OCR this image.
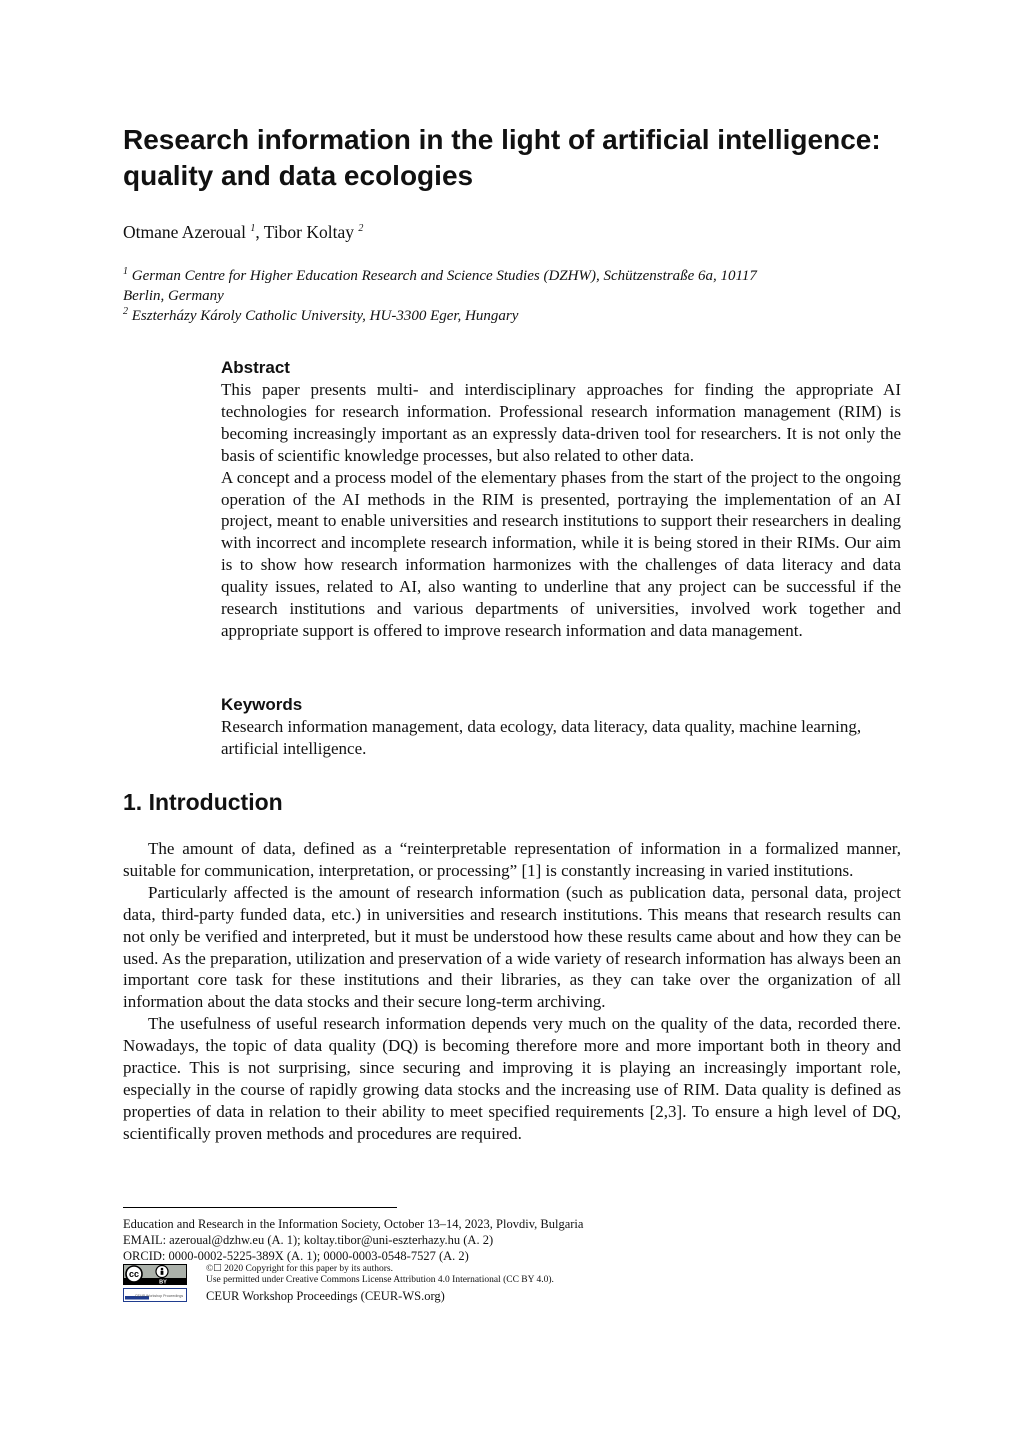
Research information in the light of artificial intelligence:
quality and data ecologies
Otmane Azeroual $^1$, Tibor Koltay $^2$
$^1$ German Centre for Higher Education Research and Science Studies (DZHW), Schützenstraße 6a, 10117
Berlin, Germany
$^2$ Eszterházy Károly Catholic University, HU-3300 Eger, Hungary
Abstract

This paper presents multi- and interdisciplinary approaches for finding the appropriate AI technologies for research information. Professional research information management (RIM) is becoming increasingly important as an expressly data-driven tool for researchers. It is not only the basis of scientific knowledge processes, but also related to other data.

A concept and a process model of the elementary phases from the start of the project to the ongoing operation of the AI methods in the RIM is presented, portraying the implementation of an AI project, meant to enable universities and research institutions to support their researchers in dealing with incorrect and incomplete research information, while it is being stored in their RIMs. Our aim is to show how research information harmonizes with the challenges of data literacy and data quality issues, related to AI, also wanting to underline that any project can be successful if the research institutions and various departments of universities, involved work together and appropriate support is offered to improve research information and data management.

Keywords

Research information management, data ecology, data literacy, data quality, machine learning, artificial intelligence.

1. Introduction

The amount of data, defined as a “reinterpretable representation of information in a formalized manner, suitable for communication, interpretation, or processing” [1] is constantly increasing in varied institutions.

Particularly affected is the amount of research information (such as publication data, personal data, project data, third-party funded data, etc.) in universities and research institutions. This means that research results can not only be verified and interpreted, but it must be understood how these results came about and how they can be used. As the preparation, utilization and preservation of a wide variety of research information has always been an important core task for these institutions and their libraries, as they can take over the organization of all information about the data stocks and their secure long-term archiving.

The usefulness of useful research information depends very much on the quality of the data, recorded there. Nowadays, the topic of data quality (DQ) is becoming therefore more and more important both in theory and practice. This is not surprising, since securing and improving it is playing an increasingly important role, especially in the course of rapidly growing data stocks and the increasing use of RIM. Data quality is defined as properties of data in relation to their ability to meet specified requirements [2,3]. To ensure a high level of DQ, scientifically proven methods and procedures are required.

Education and Research in the Information Society, October 13–14, 2023, Plovdiv, Bulgaria
EMAIL: azeroual@dzhw.eu (A. 1); koltay.tibor@uni-eszterhazy.hu (A. 2)
ORCID: 0000-0002-5225-389X (A. 1); 0000-0003-0548-7527 (A. 2)
cc
BY
CEUR Workshop Proceedings
©☐ 2020 Copyright for this paper by its authors.
Use permitted under Creative Commons License Attribution 4.0 International (CC BY 4.0).
CEUR Workshop Proceedings (CEUR-WS.org)
